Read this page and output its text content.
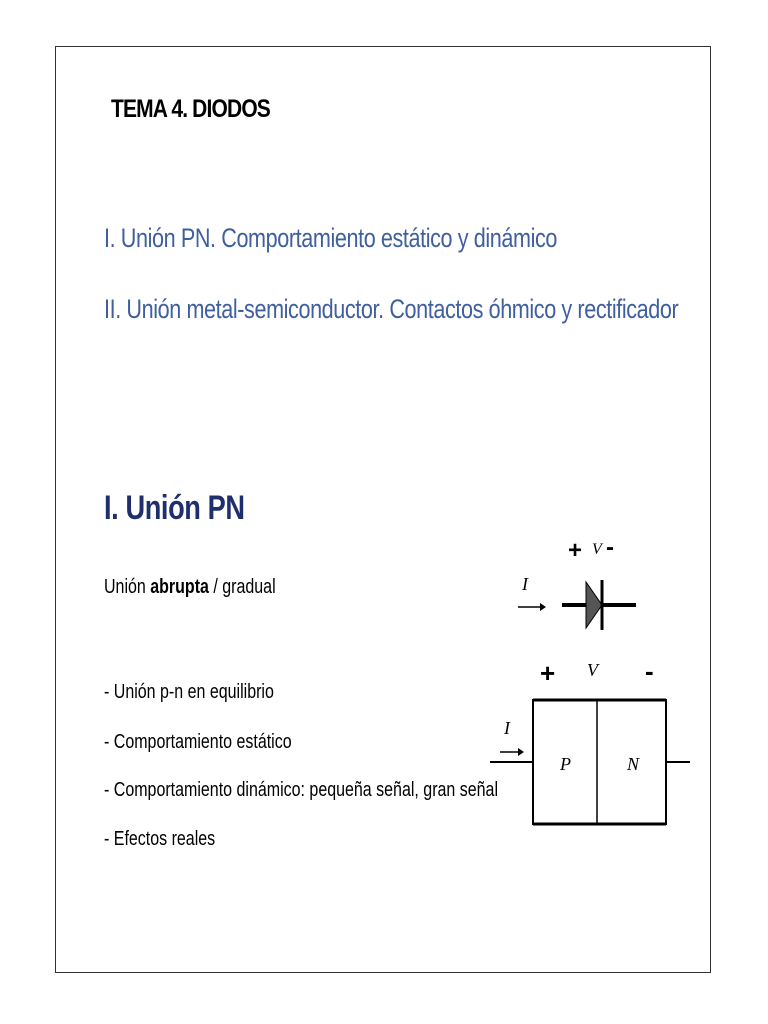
TEMA 4. DIODOS
I. Unión PN. Comportamiento estático y dinámico
II. Unión metal-semiconductor. Contactos óhmico y rectificador
I. Unión PN
Unión abrupta / gradual
- Unión p-n en equilibrio
- Comportamiento estático
- Comportamiento dinámico: pequeña señal, gran señal
- Efectos reales
+ V -
I
+ V -
I
P	N
